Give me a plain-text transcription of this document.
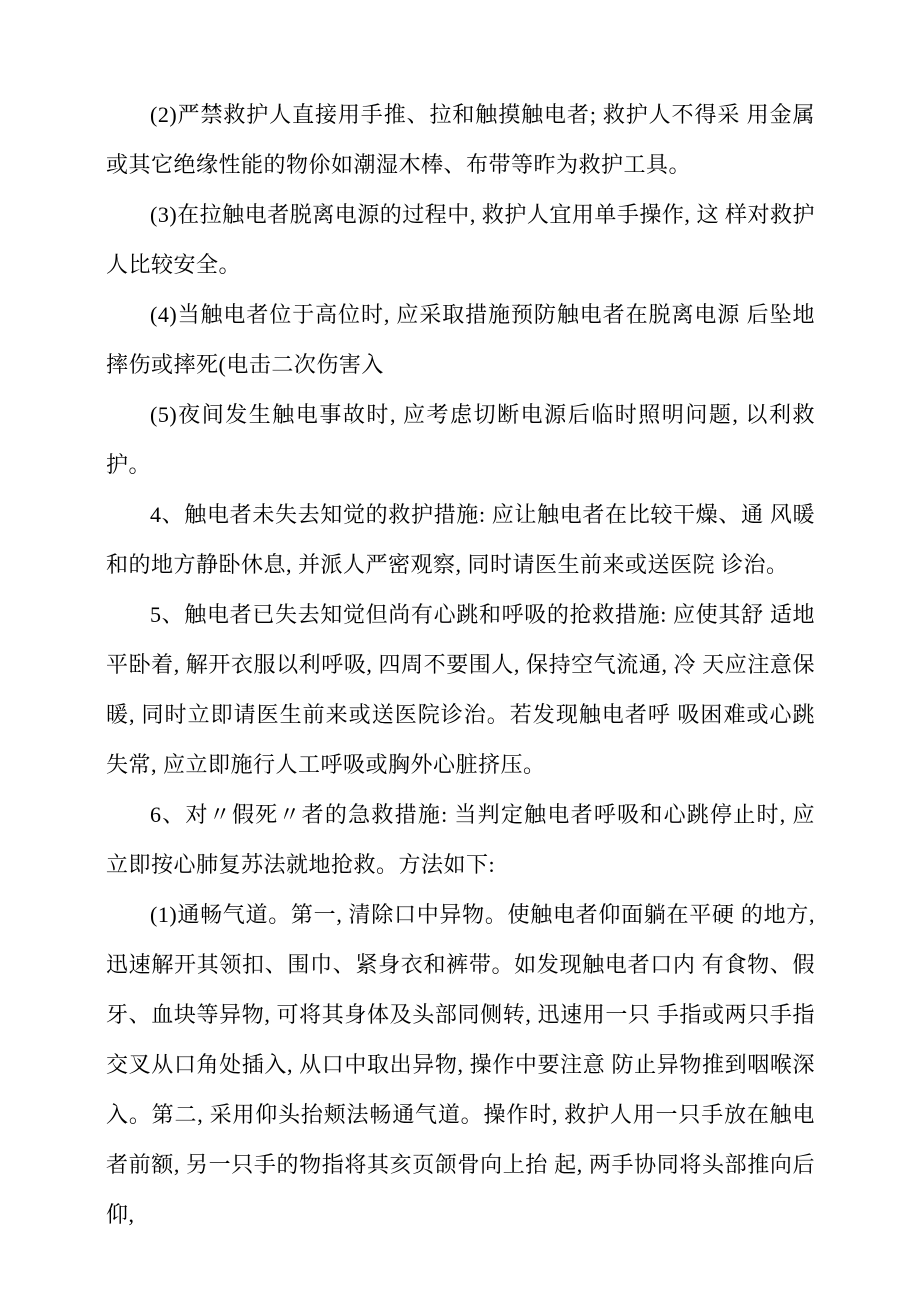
(2)严禁救护人直接用手推、拉和触摸触电者; 救护人不得采 用金属或其它绝缘性能的物伱如潮湿木棒、布带等昨为救护工具。

(3)在拉触电者脱离电源的过程中, 救护人宜用单手操作, 这 样对救护人比较安全。

(4)当触电者位于高位时, 应采取措施预防触电者在脱离电源 后坠地摔伤或摔死(电击二次伤害入

(5)夜间发生触电事故时, 应考虑切断电源后临时照明问题, 以利救护。

4、触电者未失去知觉的救护措施: 应让触电者在比较干燥、通 风暖和的地方静卧休息, 并派人严密观察, 同时请医生前来或送医院 诊治。

5、触电者已失去知觉但尚有心跳和呼吸的抢救措施: 应使其舒 适地平卧着, 解开衣服以利呼吸, 四周不要围人, 保持空气流通, 冷 天应注意保暖, 同时立即请医生前来或送医院诊治。若发现触电者呼 吸困难或心跳失常, 应立即施行人工呼吸或胸外心脏挤压。

6、对〃假死〃者的急救措施: 当判定触电者呼吸和心跳停止时, 应立即按心肺复苏法就地抢救。方法如下:

(1)通畅气道。第一, 清除口中异物。使触电者仰面躺在平硬 的地方, 迅速解开其领扣、围巾、紧身衣和裤带。如发现触电者口内 有食物、假牙、血块等异物, 可将其身体及头部同侧转, 迅速用一只 手指或两只手指交叉从口角处插入, 从口中取出异物, 操作中要注意 防止异物推到咽喉深入。第二, 采用仰头抬颊法畅通气道。操作时, 救护人用一只手放在触电者前额, 另一只手的物指将其亥页颌骨向上抬 起, 两手协同将头部推向后仰,
